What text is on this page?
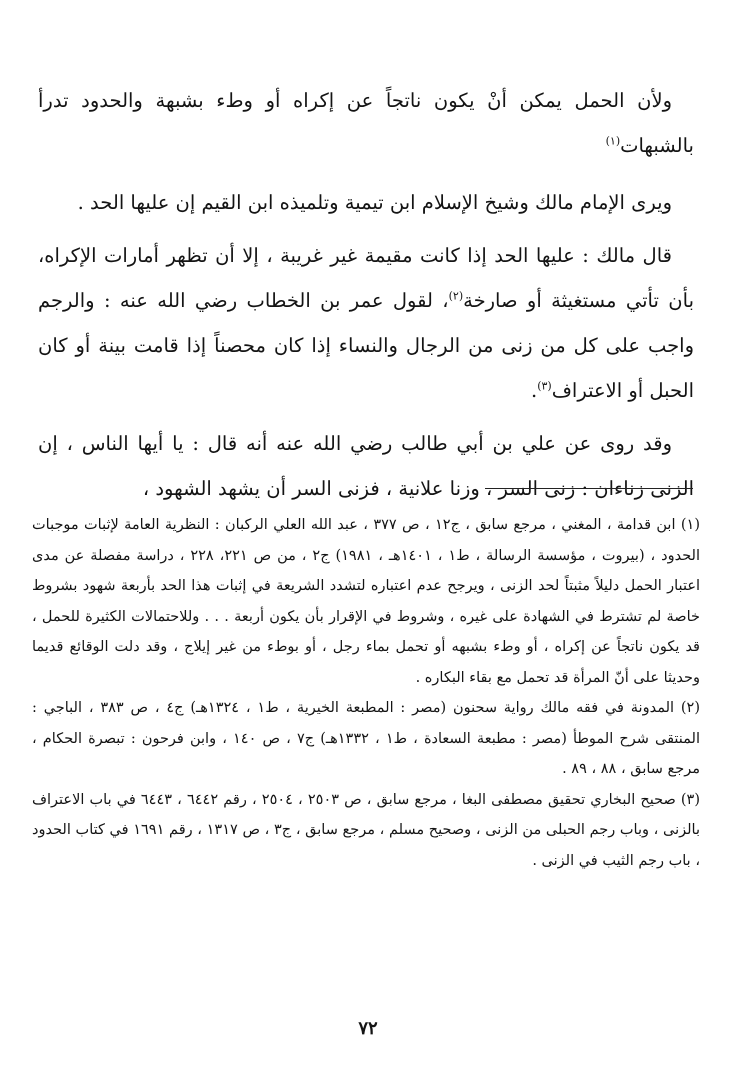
ولأن الحمل يمكن أنْ يكون ناتجاً عن إكراه أو وطء بشبهة والحدود تدرأ بالشبهات$^{(١)}$

ويرى الإمام مالك وشيخ الإسلام ابن تيمية وتلميذه ابن القيم إن عليها الحد .

قال مالك : عليها الحد إذا كانت مقيمة غير غريبة ، إلا أن تظهر أمارات الإكراه، بأن تأتي مستغيثة أو صارخة$^{(٢)}$، لقول عمر بن الخطاب رضي الله عنه : والرجم واجب على كل من زنى من الرجال والنساء إذا كان محصناً إذا قامت بينة أو كان الحبل أو الاعتراف$^{(٣)}$.

وقد روى عن علي بن أبي طالب رضي الله عنه أنه قال : يا أيها الناس ، إن الزنى زناءان : زنى السر ، وزنا علانية ، فزنى السر أن يشهد الشهود ،

(١) ابن قدامة ، المغني ، مرجع سابق ، ج١٢ ، ص ٣٧٧ ، عبد الله العلي الركبان : النظرية العامة لإثبات موجبات الحدود ، (بيروت ، مؤسسة الرسالة ، ط١ ، ١٤٠١هـ ، ١٩٨١) ج٢ ، من ص ٢٢١، ٢٢٨ ، دراسة مفصلة عن مدى اعتبار الحمل دليلاً مثبتاً لحد الزنى ، ويرجح عدم اعتباره لتشدد الشريعة في إثبات هذا الحد بأربعة شهود بشروط خاصة لم تشترط في الشهادة على غيره ، وشروط في الإقرار بأن يكون أربعة . . . وللاحتمالات الكثيرة للحمل ، قد يكون ناتجاً عن إكراه ، أو وطء بشبهه أو تحمل بماء رجل ، أو بوطء من غير إيلاج ، وقد دلت الوقائع قديما وحديثا على أنّ المرأة قد تحمل مع بقاء البكاره .

(٢) المدونة في فقه مالك رواية سحنون (مصر : المطبعة الخيرية ، ط١ ، ١٣٢٤هـ) ج٤ ، ص ٣٨٣ ، الباجي : المنتقى شرح الموطأ (مصر : مطبعة السعادة ، ط١ ، ١٣٣٢هـ) ج٧ ، ص ١٤٠ ، وابن فرحون : تبصرة الحكام ، مرجع سابق ، ٨٨ ، ٨٩ .

(٣) صحيح البخاري تحقيق مصطفى البغا ، مرجع سابق ، ص ٢٥٠٣ ، ٢٥٠٤ ، رقم ٦٤٤٢ ، ٦٤٤٣ في باب الاعتراف بالزنى ، وباب رجم الحبلى من الزنى ، وصحيح مسلم ، مرجع سابق ، ج٣ ، ص ١٣١٧ ، رقم ١٦٩١ في كتاب الحدود ، باب رجم الثيب في الزنى .

٧٢
